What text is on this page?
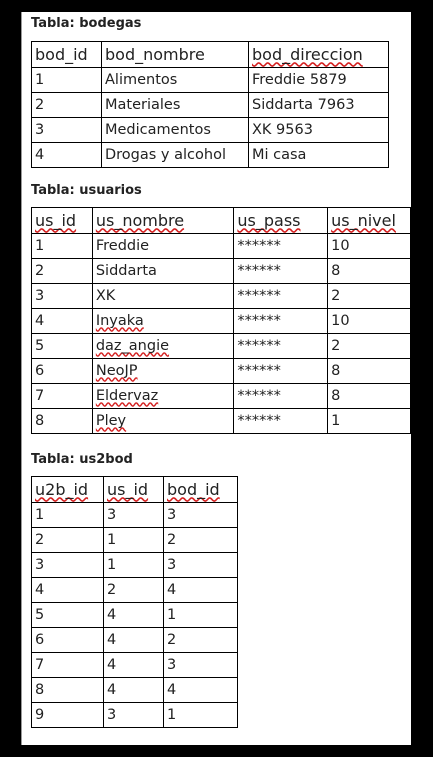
Tabla: bodegas
bod_id	bod_nombre	bod_direccion
1	Alimentos	Freddie 5879
2	Materiales	Siddarta 7963
3	Medicamentos	XK 9563
4	Drogas y alcohol	Mi casa
Tabla: usuarios
us_id	us_nombre	us_pass	us_nivel
1	Freddie	******	10
2	Siddarta	******	8
3	XK	******	2
4	Inyaka	******	10
5	daz_angie	******	2
6	NeoJP	******	8
7	Eldervaz	******	8
8	Pley	******	1
Tabla: us2bod
u2b_id	us_id	bod_id
1	3	3
2	1	2
3	1	3
4	2	4
5	4	1
6	4	2
7	4	3
8	4	4
9	3	1
